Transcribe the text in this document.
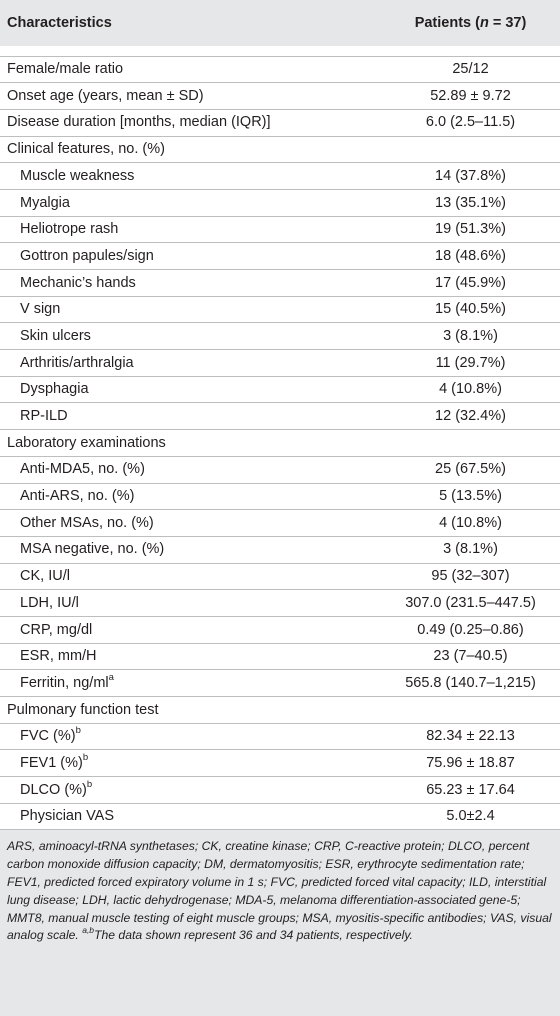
Characteristics	Patients (n = 37)

Female/male ratio	25/12
Onset age (years, mean ± SD)	52.89 ± 9.72
Disease duration [months, median (IQR)]	6.0 (2.5–11.5)
Clinical features, no. (%)	
Muscle weakness	14 (37.8%)
Myalgia	13 (35.1%)
Heliotrope rash	19 (51.3%)
Gottron papules/sign	18 (48.6%)
Mechanic’s hands	17 (45.9%)
V sign	15 (40.5%)
Skin ulcers	3 (8.1%)
Arthritis/arthralgia	11 (29.7%)
Dysphagia	4 (10.8%)
RP-ILD	12 (32.4%)
Laboratory examinations	
Anti-MDA5, no. (%)	25 (67.5%)
Anti-ARS, no. (%)	5 (13.5%)
Other MSAs, no. (%)	4 (10.8%)
MSA negative, no. (%)	3 (8.1%)
CK, IU/l	95 (32–307)
LDH, IU/l	307.0 (231.5–447.5)
CRP, mg/dl	0.49 (0.25–0.86)
ESR, mm/H	23 (7–40.5)
Ferritin, $ng/ml^a$	565.8 (140.7–1,215)
Pulmonary function test	
FVC (%)$^b$	82.34 ± 22.13
FEV1 (%)$^b$	75.96 ± 18.87
DLCO (%)$^b$	65.23 ± 17.64
Physician VAS	5.0±2.4
ARS, aminoacyl-tRNA synthetases; CK, creatine kinase; CRP, C-reactive protein; DLCO, percent carbon monoxide diffusion capacity; DM, dermatomyositis; ESR, erythrocyte sedimentation rate; FEV1, predicted forced expiratory volume in 1 s; FVC, predicted forced vital capacity; ILD, interstitial lung disease; LDH, lactic dehydrogenase; MDA-5, melanoma differentiation-associated gene-5; MMT8, manual muscle testing of eight muscle groups; MSA, myositis-specific antibodies; VAS, visual analog scale. $^{a,b}$The data shown represent 36 and 34 patients, respectively.
